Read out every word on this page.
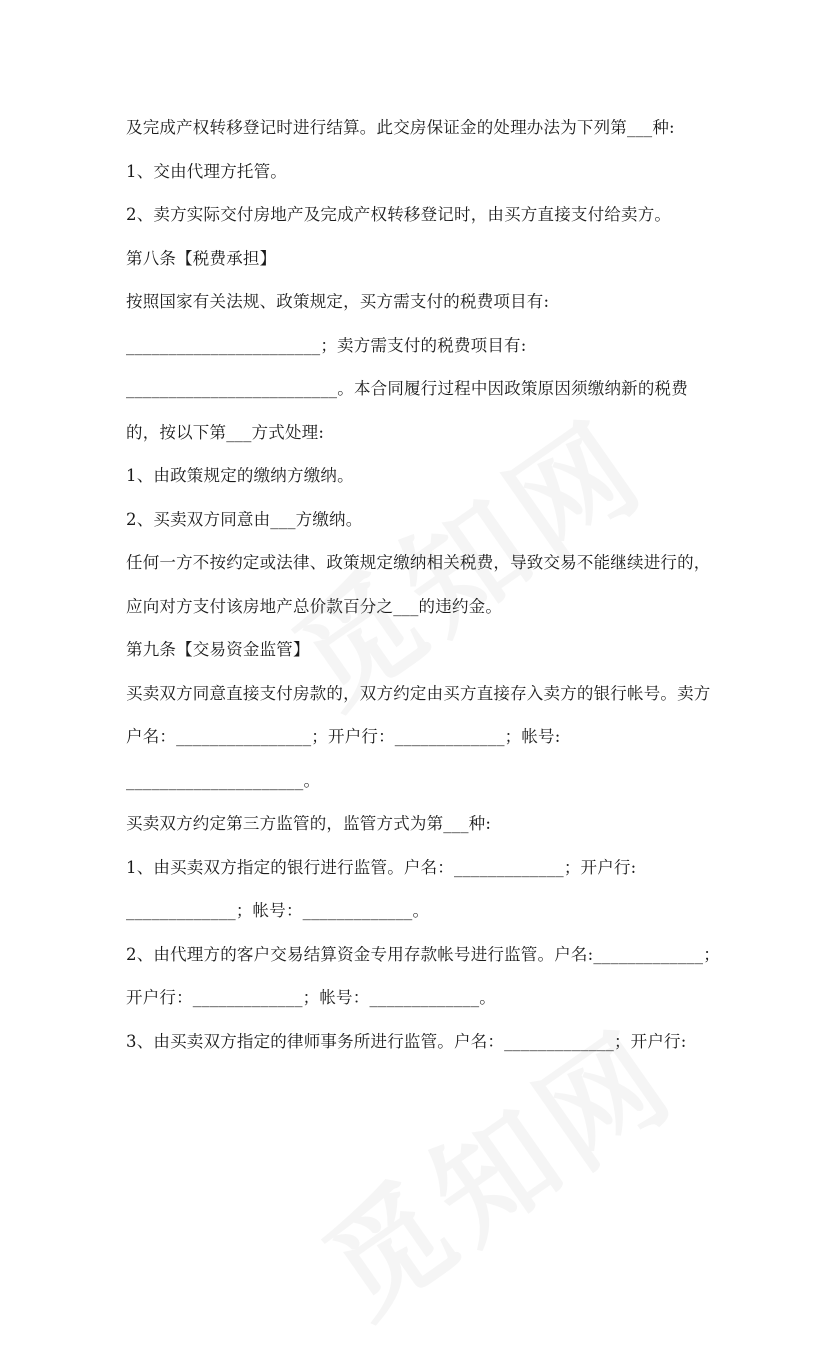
及完成产权转移登记时进行结算。此交房保证金的处理办法为下列第___种:

1、交由代理方托管。

2、卖方实际交付房地产及完成产权转移登记时，由买方直接支付给卖方。

第八条【税费承担】

按照国家有关法规、政策规定，买方需支付的税费项目有:

_______________________；卖方需支付的税费项目有:

_________________________。本合同履行过程中因政策原因须缴纳新的税费

的，按以下第___方式处理:

1、由政策规定的缴纳方缴纳。

2、买卖双方同意由___方缴纳。

任何一方不按约定或法律、政策规定缴纳相关税费，导致交易不能继续进行的，

应向对方支付该房地产总价款百分之___的违约金。

第九条【交易资金监管】

买卖双方同意直接支付房款的，双方约定由买方直接存入卖方的银行帐号。卖方

户名：________________；开户行：_____________；帐号:

_____________________。

买卖双方约定第三方监管的，监管方式为第___种:

1、由买卖双方指定的银行进行监管。户名：_____________；开户行:

_____________；帐号：_____________。

2、由代理方的客户交易结算资金专用存款帐号进行监管。户名:_____________；

开户行：_____________；帐号：_____________。

3、由买卖双方指定的律师事务所进行监管。户名：_____________；开户行:
